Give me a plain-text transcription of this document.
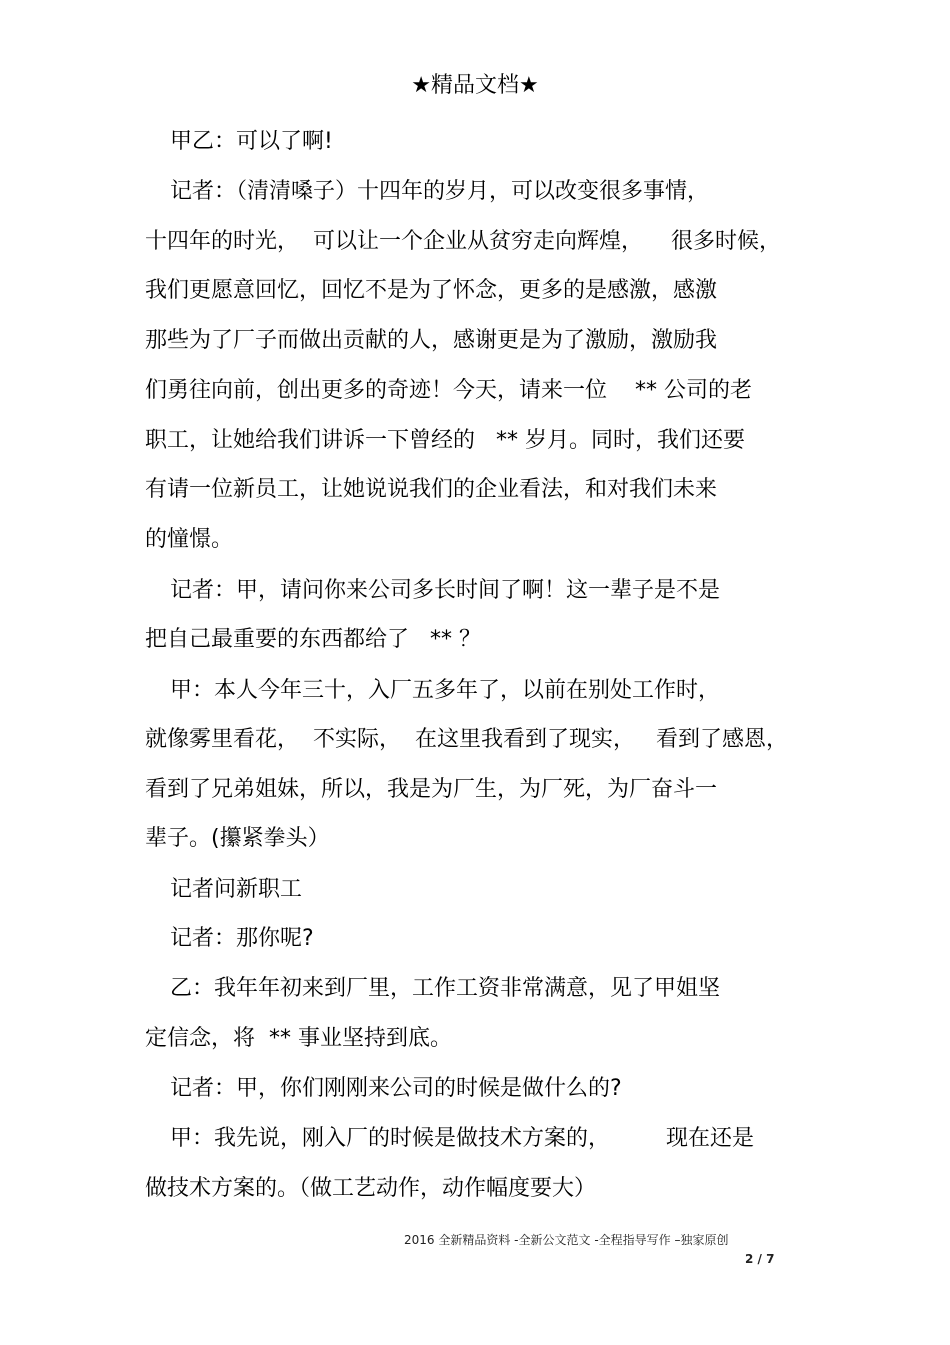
★精品文档★
甲乙：可以了啊!
记者：（清清嗓子）十四年的岁月，可以改变很多事情，
十四年的时光，  可以让一个企业从贫穷走向辉煌，    很多时候，
我们更愿意回忆，回忆不是为了怀念，更多的是感激，感激
那些为了厂子而做出贡献的人，感谢更是为了激励，激励我
们勇往向前，创出更多的奇迹！今天，请来一位    ** 公司的老
职工，让她给我们讲诉一下曾经的   ** 岁月。同时，我们还要
有请一位新员工，让她说说我们的企业看法，和对我们未来
的憧憬。
记者：甲，请问你来公司多长时间了啊！这一辈子是不是
把自己最重要的东西都给了   ** ？
甲：本人今年三十，入厂五多年了，以前在别处工作时，
就像雾里看花，  不实际，  在这里我看到了现实，   看到了感恩，
看到了兄弟姐妹，所以，我是为厂生，为厂死，为厂奋斗一
辈子。(攥紧拳头）
记者问新职工
记者：那你呢?
乙：我年年初来到厂里，工作工资非常满意，见了甲姐坚
定信念，将  ** 事业坚持到底。
记者：甲，你们刚刚来公司的时候是做什么的?
甲：我先说，刚入厂的时候是做技术方案的，        现在还是
做技术方案的。（做工艺动作，动作幅度要大）
2016 全新精品资料 -全新公文范文 -全程指导写作 –独家原创
2 / 7
